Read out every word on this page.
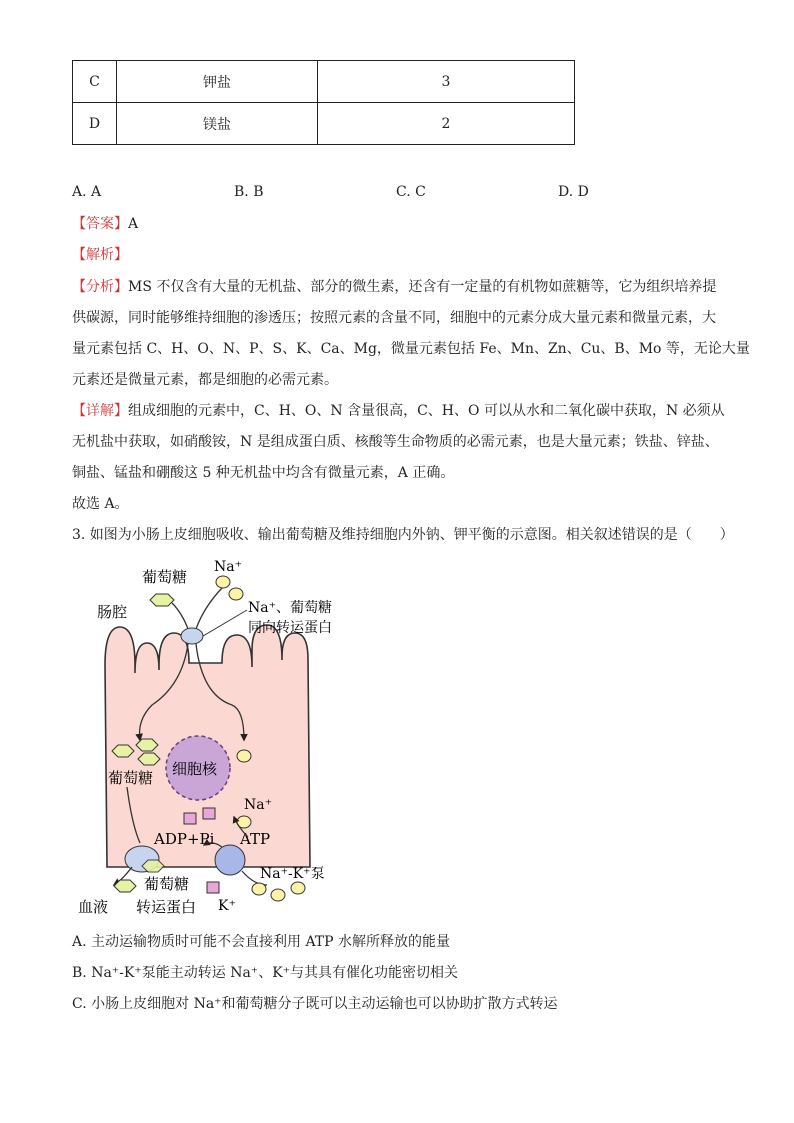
C	钾盐	3
D	镁盐	2
A. A	B. B	C. C	D. D
【答案】A
【解析】
【分析】MS 不仅含有大量的无机盐、部分的微生素，还含有一定量的有机物如蔗糖等，它为组织培养提
供碳源，同时能够维持细胞的渗透压；按照元素的含量不同，细胞中的元素分成大量元素和微量元素，大
量元素包括 C、H、O、N、P、S、K、Ca、Mg，微量元素包括 Fe、Mn、Zn、Cu、B、Mo 等，无论大量
元素还是微量元素，都是细胞的必需元素。
【详解】组成细胞的元素中，C、H、O、N 含量很高，C、H、O 可以从水和二氧化碳中获取，N 必须从
无机盐中获取，如硝酸铵，N 是组成蛋白质、核酸等生命物质的必需元素，也是大量元素；铁盐、锌盐、
铜盐、锰盐和硼酸这 5 种无机盐中均含有微量元素，A 正确。
故选 A。
3. 如图为小肠上皮细胞吸收、输出葡萄糖及维持细胞内外钠、钾平衡的示意图。相关叙述错误的是（　　）
细胞核
葡萄糖
Na⁺
肠腔	Na⁺、葡萄糖
同向转运蛋白
葡萄糖
Na⁺
血液
葡萄糖
转运蛋白
ADP+Pi ATP
Na⁺-K⁺泵
K⁺
A. 主动运输物质时可能不会直接利用 ATP 水解所释放的能量
B. Na⁺-K⁺泵能主动转运 Na⁺、K⁺与其具有催化功能密切相关
C. 小肠上皮细胞对 Na⁺和葡萄糖分子既可以主动运输也可以协助扩散方式转运
